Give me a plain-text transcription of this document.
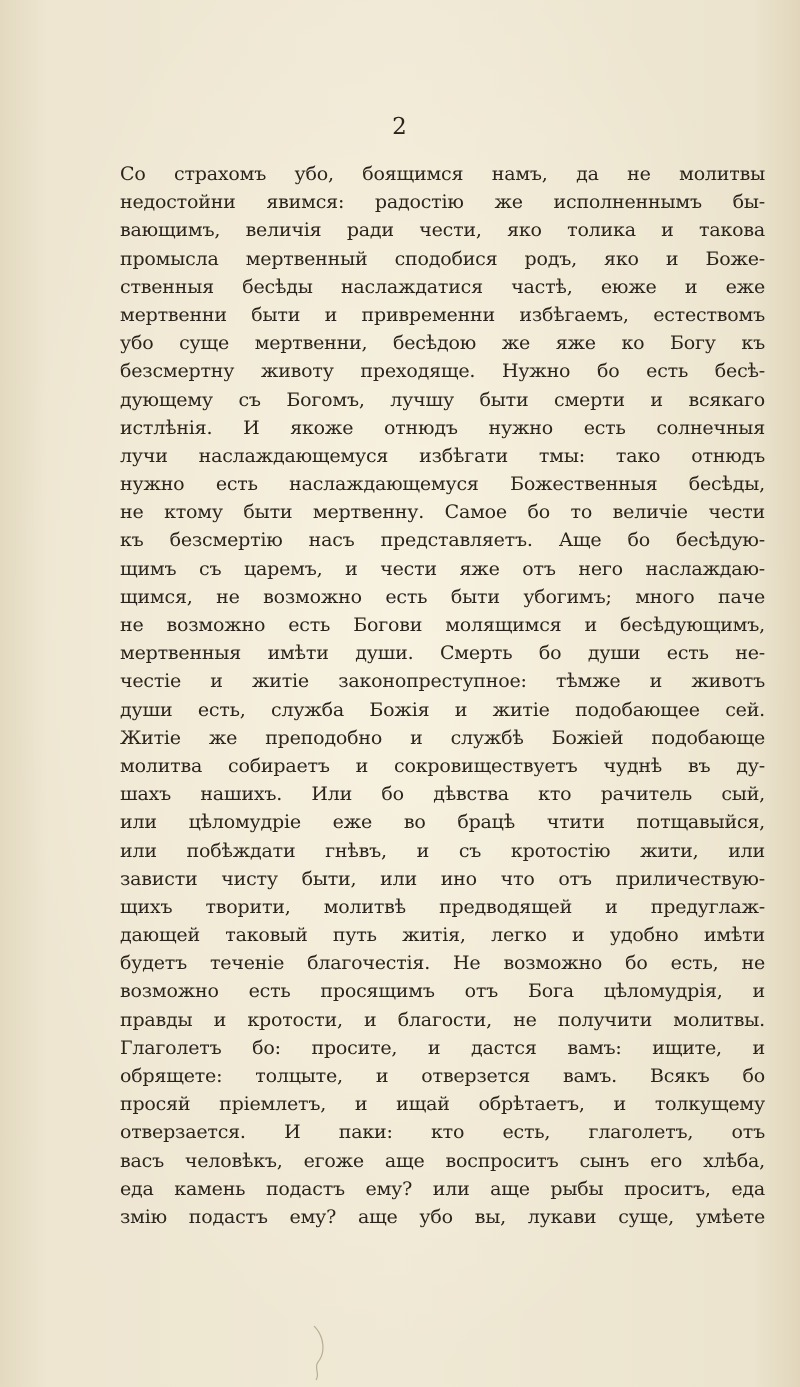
2
Со страхомъ убо, боящимся намъ, да не молитвы
недостойни явимся: радостію же исполненнымъ бы-
вающимъ, величія ради чести, яко толика и таковa
промысла мертвенный сподобися родъ, яко и Боже-
ственныя бесѣды наслаждатися частѣ, еюже и еже
мертвенни быти и привременни избѣгаемъ, естествомъ
убо суще мертвенни, бесѣдою же яже ко Богу къ
безсмертну животу преходяще. Нужно бо есть бесѣ-
дующему съ Богомъ, лучшу быти смерти и всякаго
истлѣнія. И якоже отнюдъ нужно есть солнечныя
лучи наслаждающемуся избѣгати тмы: тако отнюдъ
нужно есть наслаждающемуся Божественныя бесѣды,
не ктому быти мертвенну. Самое бо то величіе чести
къ безсмертію насъ представляетъ. Аще бо бесѣдую-
щимъ съ царемъ, и чести яже отъ него наслаждаю-
щимся, не возможно есть быти убогимъ; много паче
не возможно есть Богови молящимся и бесѣдующимъ,
мертвенныя имѣти души. Смерть бо души есть не-
честіе и житіе законопреступное: тѣмже и животъ
души есть, служба Божія и житіе подобающее сей.
Житіе же преподобно и службѣ Божіей подобающе
молитва собираетъ и сокровиществуетъ чуднѣ въ ду-
шахъ нашихъ. Или бо дѣвства кто рачитель сый,
или цѣломудріе еже во брацѣ чтити потщавыйся,
или побѣждати гнѣвъ, и съ кротостію жити, или
зависти чисту быти, или ино что отъ приличествую-
щихъ творити, молитвѣ предводящей и предуглаж-
дающей таковый путь житія, легко и удобно имѣти
будетъ теченіе благочестія. Не возможно бо есть, не
возможно есть просящимъ отъ Бога цѣломудрія, и
правды и кротости, и благости, не получити молитвы.
Глаголетъ бо: просите, и дастся вамъ: ищите, и
обрящете: толцыте, и отверзется вамъ. Всякъ бо
просяй пріемлетъ, и ищай обрѣтаетъ, и толкущему
отверзается. И паки: кто есть, глаголетъ, отъ
васъ человѣкъ, егоже аще воспроситъ сынъ его хлѣба,
еда камень подастъ ему? или аще рыбы проситъ, еда
змію подастъ ему? аще убо вы, лукави суще, умѣете
